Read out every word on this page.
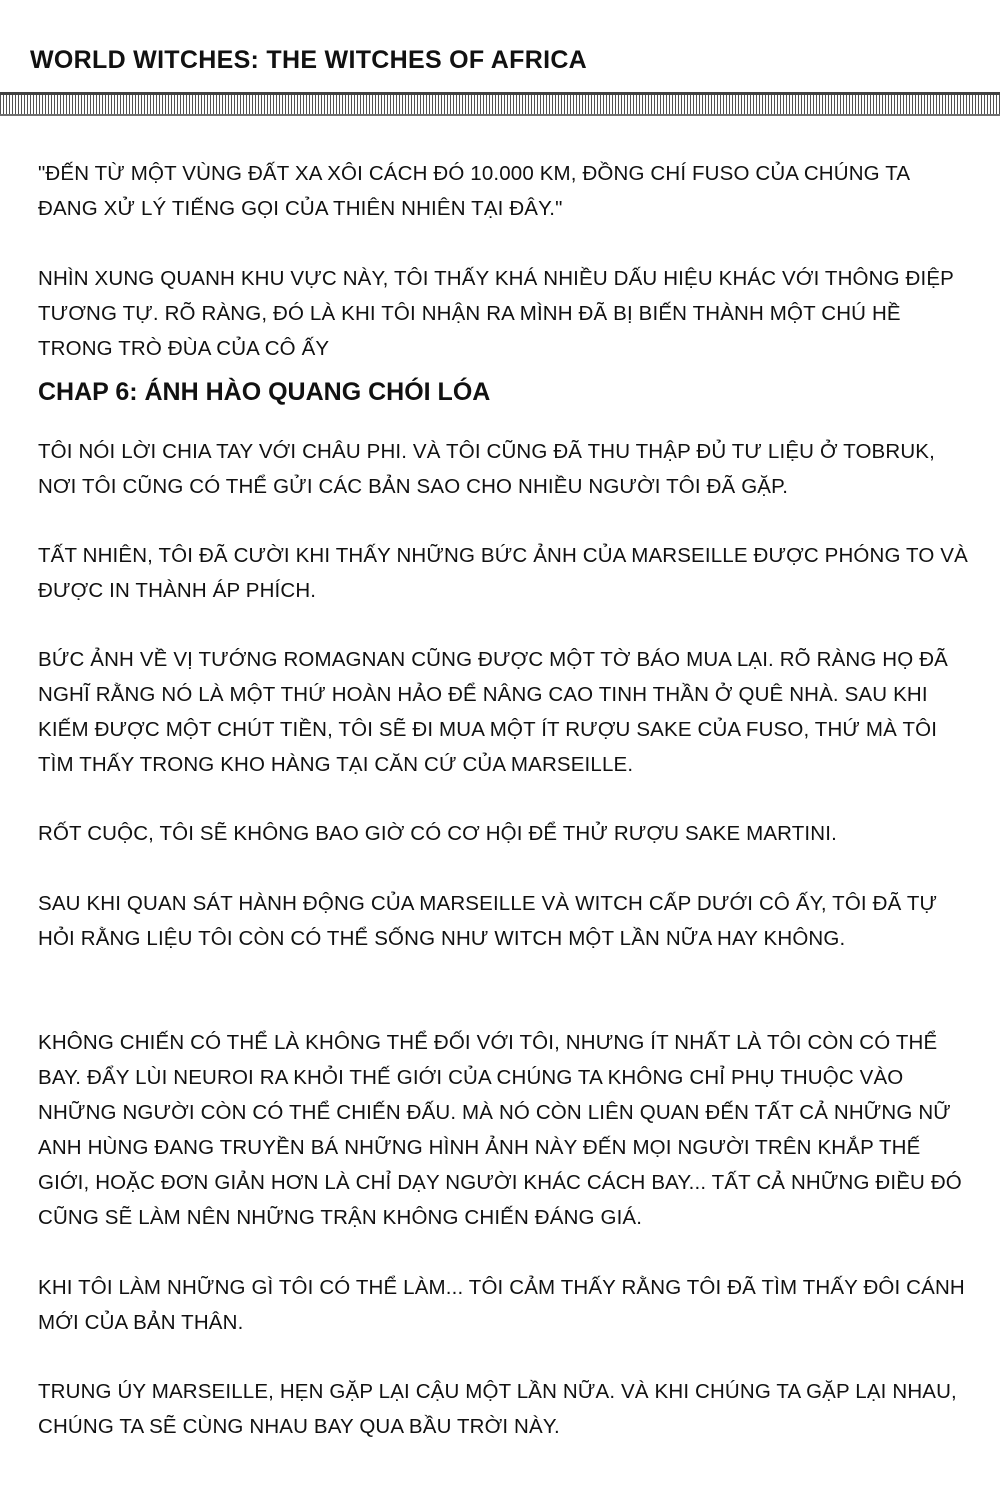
WORLD WITCHES: THE WITCHES OF AFRICA

"ĐẾN TỪ MỘT VÙNG ĐẤT XA XÔI CÁCH ĐÓ 10.000 KM, ĐỒNG CHÍ FUSO CỦA CHÚNG TA ĐANG XỬ LÝ TIẾNG GỌI CỦA THIÊN NHIÊN TẠI ĐÂY."

NHÌN XUNG QUANH KHU VỰC NÀY, TÔI THẤY KHÁ NHIỀU DẤU HIỆU KHÁC VỚI THÔNG ĐIỆP TƯƠNG TỰ. RÕ RÀNG, ĐÓ LÀ KHI TÔI NHẬN RA MÌNH ĐÃ BỊ BIẾN THÀNH MỘT CHÚ HỀ TRONG TRÒ ĐÙA CỦA CÔ ẤY

CHAP 6: ÁNH HÀO QUANG CHÓI LÓA

TÔI NÓI LỜI CHIA TAY VỚI CHÂU PHI. VÀ TÔI CŨNG ĐÃ THU THẬP ĐỦ TƯ LIỆU Ở TOBRUK, NƠI TÔI CŨNG CÓ THỂ GỬI CÁC BẢN SAO CHO NHIỀU NGƯỜI TÔI ĐÃ GẶP.

TẤT NHIÊN, TÔI ĐÃ CƯỜI KHI THẤY NHỮNG BỨC ẢNH CỦA MARSEILLE ĐƯỢC PHÓNG TO VÀ ĐƯỢC IN THÀNH ÁP PHÍCH.

BỨC ẢNH VỀ VỊ TƯỚNG ROMAGNAN CŨNG ĐƯỢC MỘT TỜ BÁO MUA LẠI. RÕ RÀNG HỌ ĐÃ NGHĨ RẰNG NÓ LÀ MỘT THỨ HOÀN HẢO ĐỂ NÂNG CAO TINH THẦN Ở QUÊ NHÀ. SAU KHI KIẾM ĐƯỢC MỘT CHÚT TIỀN, TÔI SẼ ĐI MUA MỘT ÍT RƯỢU SAKE CỦA FUSO, THỨ MÀ TÔI TÌM THẤY TRONG KHO HÀNG TẠI CĂN CỨ CỦA MARSEILLE.

RỐT CUỘC, TÔI SẼ KHÔNG BAO GIỜ CÓ CƠ HỘI ĐỂ THỬ RƯỢU SAKE MARTINI.

SAU KHI QUAN SÁT HÀNH ĐỘNG CỦA MARSEILLE VÀ WITCH CẤP DƯỚI CÔ ẤY, TÔI ĐÃ TỰ HỎI RẰNG LIỆU TÔI CÒN CÓ THỂ SỐNG NHƯ WITCH MỘT LẦN NỮA HAY KHÔNG.

KHÔNG CHIẾN CÓ THỂ LÀ KHÔNG THỂ ĐỐI VỚI TÔI, NHƯNG ÍT NHẤT LÀ TÔI CÒN CÓ THỂ BAY. ĐẨY LÙI NEUROI RA KHỎI THẾ GIỚI CỦA CHÚNG TA KHÔNG CHỈ PHỤ THUỘC VÀO NHỮNG NGƯỜI CÒN CÓ THỂ CHIẾN ĐẤU. MÀ NÓ CÒN LIÊN QUAN ĐẾN TẤT CẢ NHỮNG NỮ ANH HÙNG ĐANG TRUYỀN BÁ NHỮNG HÌNH ẢNH NÀY ĐẾN MỌI NGƯỜI TRÊN KHẮP THẾ GIỚI, HOẶC ĐƠN GIẢN HƠN LÀ CHỈ DẠY NGƯỜI KHÁC CÁCH BAY... TẤT CẢ NHỮNG ĐIỀU ĐÓ CŨNG SẼ LÀM NÊN NHỮNG TRẬN KHÔNG CHIẾN ĐÁNG GIÁ.

KHI TÔI LÀM NHỮNG GÌ TÔI CÓ THỂ LÀM... TÔI CẢM THẤY RẰNG TÔI ĐÃ TÌM THẤY ĐÔI CÁNH MỚI CỦA BẢN THÂN.

TRUNG ÚY MARSEILLE, HẸN GẶP LẠI CẬU MỘT LẦN NỮA. VÀ KHI CHÚNG TA GẶP LẠI NHAU, CHÚNG TA SẼ CÙNG NHAU BAY QUA BẦU TRỜI NÀY.
